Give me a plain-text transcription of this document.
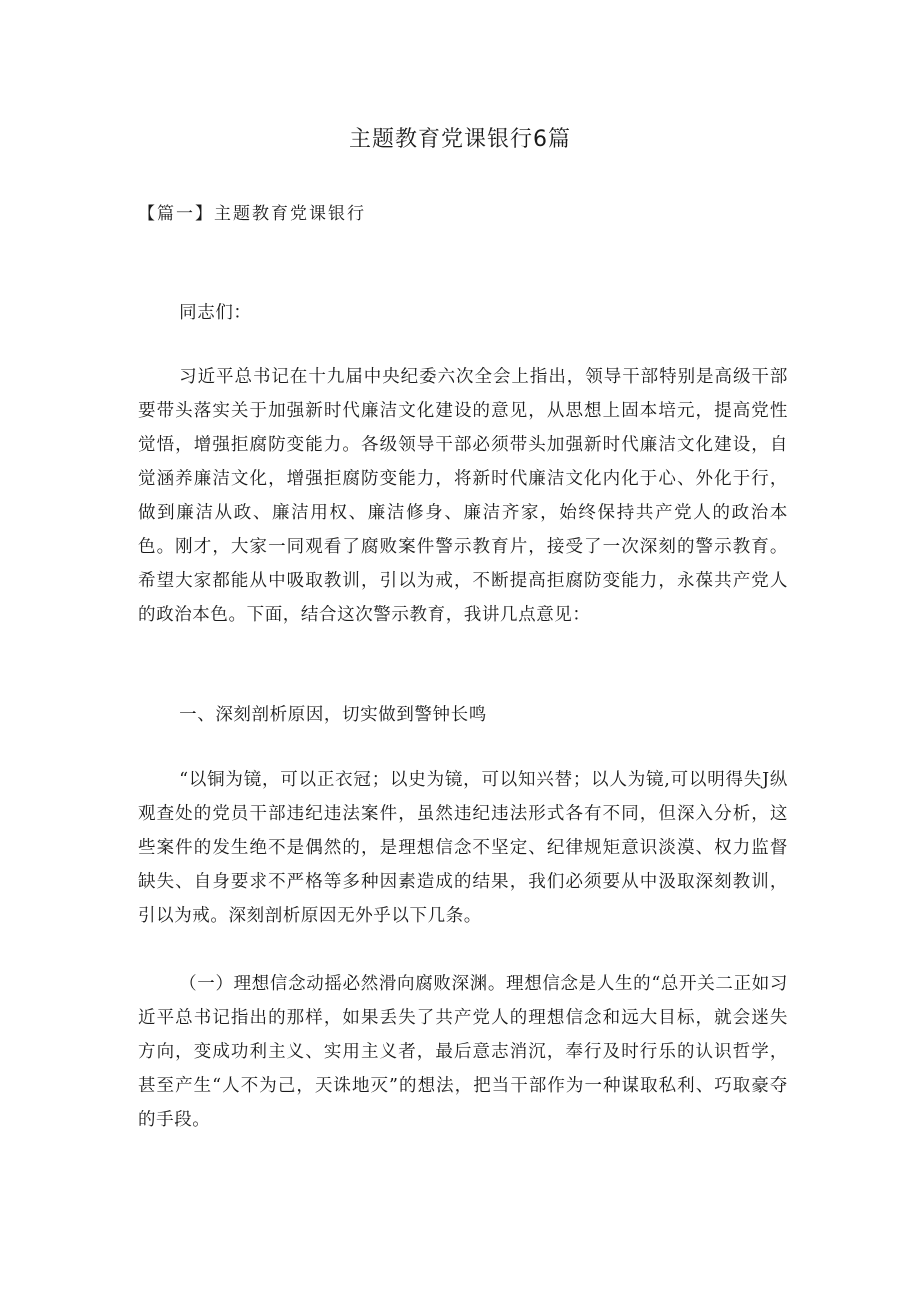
主题教育党课银行6篇

【篇一】主题教育党课银行

同志们：

习近平总书记在十九届中央纪委六次全会上指出，领导干部特别是高级干部要带头落实关于加强新时代廉洁文化建设的意见，从思想上固本培元，提高党性觉悟，增强拒腐防变能力。各级领导干部必须带头加强新时代廉洁文化建设，自觉涵养廉洁文化，增强拒腐防变能力，将新时代廉洁文化内化于心、外化于行，做到廉洁从政、廉洁用权、廉洁修身、廉洁齐家，始终保持共产党人的政治本色。刚才，大家一同观看了腐败案件警示教育片，接受了一次深刻的警示教育。希望大家都能从中吸取教训，引以为戒，不断提高拒腐防变能力，永葆共产党人的政治本色。下面，结合这次警示教育，我讲几点意见：

一、深刻剖析原因，切实做到警钟长鸣

“以铜为镜，可以正衣冠；以史为镜，可以知兴替；以人为镜,可以明得失J纵观查处的党员干部违纪违法案件，虽然违纪违法形式各有不同，但深入分析，这些案件的发生绝不是偶然的，是理想信念不坚定、纪律规矩意识淡漠、权力监督缺失、自身要求不严格等多种因素造成的结果，我们必须要从中汲取深刻教训，引以为戒。深刻剖析原因无外乎以下几条。

（一）理想信念动摇必然滑向腐败深渊。理想信念是人生的“总开关二正如习近平总书记指出的那样，如果丢失了共产党人的理想信念和远大目标，就会迷失方向，变成功利主义、实用主义者，最后意志消沉，奉行及时行乐的认识哲学，甚至产生“人不为己，天诛地灭”的想法，把当干部作为一种谋取私利、巧取豪夺的手段。
